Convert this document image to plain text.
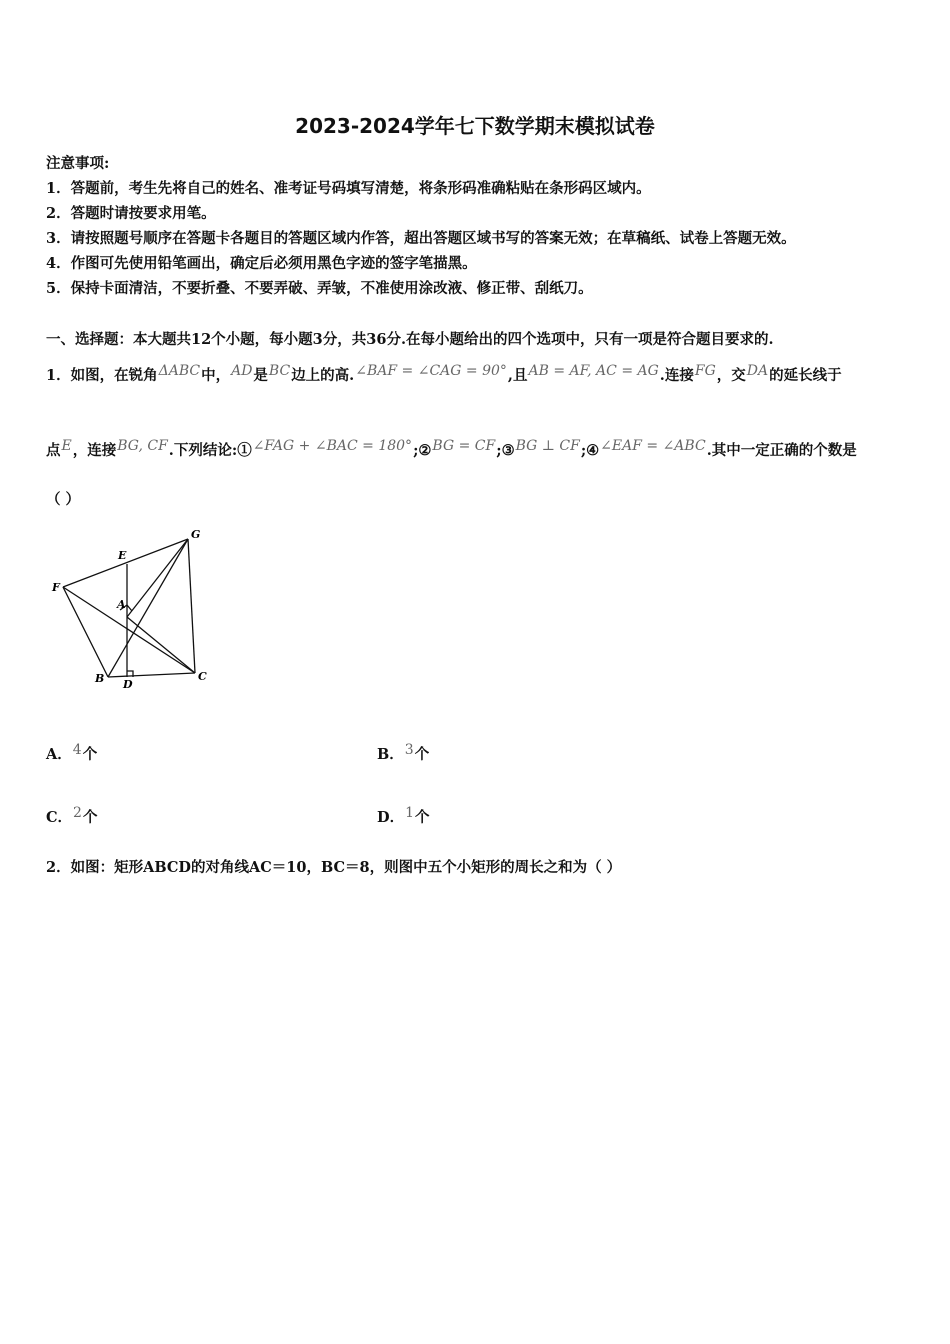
2023-2024学年七下数学期末模拟试卷
注意事项:
1．答题前，考生先将自己的姓名、准考证号码填写清楚，将条形码准确粘贴在条形码区域内。
2．答题时请按要求用笔。
3．请按照题号顺序在答题卡各题目的答题区域内作答，超出答题区域书写的答案无效；在草稿纸、试卷上答题无效。
4．作图可先使用铅笔画出，确定后必须用黑色字迹的签字笔描黑。
5．保持卡面清洁，不要折叠、不要弄破、弄皱，不准使用涂改液、修正带、刮纸刀。
一、选择题：本大题共12个小题，每小题3分，共36分.在每小题给出的四个选项中，只有一项是符合题目要求的.
1．如图，在锐角ΔABC中，AD是BC边上的高.∠BAF = ∠CAG = 90°,且AB = AF, AC = AG.连接FG，交DA的延长线于
点E，连接BG, CF.下列结论:①∠FAG + ∠BAC = 180°;②BG = CF;③BG ⊥ CF;④∠EAF = ∠ABC.其中一定正确的个数是
（ ）
E
G
F
A
B D
C
A．4个	B．3个
C．2个	D．1个
2．如图：矩形ABCD的对角线AC＝10，BC＝8，则图中五个小矩形的周长之和为（ ）
